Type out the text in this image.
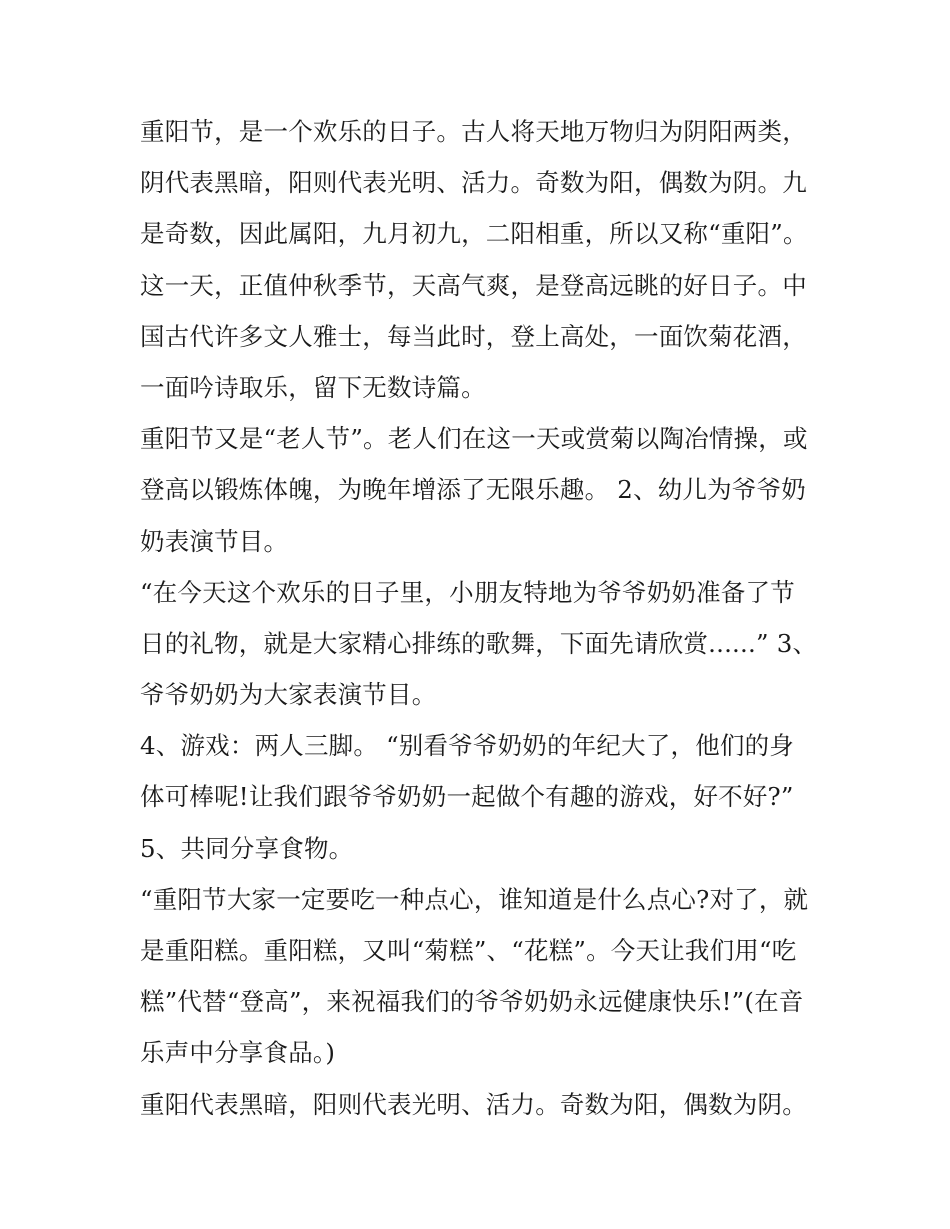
重阳节，是一个欢乐的日子。古人将天地万物归为阴阳两类，
阴代表黑暗，阳则代表光明、活力。奇数为阳，偶数为阴。九
是奇数，因此属阳，九月初九，二阳相重，所以又称“重阳”。
这一天，正值仲秋季节，天高气爽，是登高远眺的好日子。中
国古代许多文人雅士，每当此时，登上高处，一面饮菊花酒，
一面吟诗取乐，留下无数诗篇。
重阳节又是“老人节”。老人们在这一天或赏菊以陶冶情操，或
登高以锻炼体魄，为晚年增添了无限乐趣。 2、幼儿为爷爷奶
奶表演节目。
“在今天这个欢乐的日子里，小朋友特地为爷爷奶奶准备了节
日的礼物，就是大家精心排练的歌舞，下面先请欣赏......” 3、
爷爷奶奶为大家表演节目。
4、游戏：两人三脚。 “别看爷爷奶奶的年纪大了，他们的身
体可棒呢!让我们跟爷爷奶奶一起做个有趣的游戏，好不好?”
5、共同分享食物。
“重阳节大家一定要吃一种点心，谁知道是什么点心?对了，就
是重阳糕。重阳糕，又叫“菊糕”、“花糕”。今天让我们用“吃
糕”代替“登高”，来祝福我们的爷爷奶奶永远健康快乐!”(在音
乐声中分享食品。)
重阳代表黑暗，阳则代表光明、活力。奇数为阳，偶数为阴。
